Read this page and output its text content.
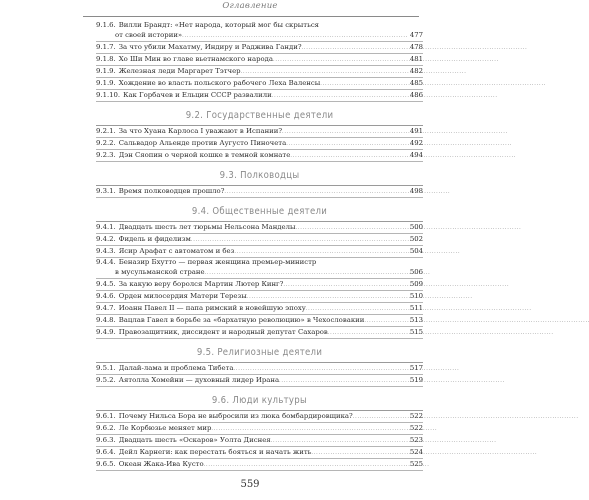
Оглавление
9.1.6. Вилли Брандт: «Нет народа, который мог бы скрыться
от своей истории» . . .	477
9.1.7. За что убили Махатму, Индиру и Раджива Ганди? . . .	478
9.1.8. Хо Ши Мин во главе вьетнамского народа . . .	481
9.1.9. Железная леди Маргарет Тэтчер . . .	482
9.1.9. Хождение во власть польского рабочего Леха Валенсы . . .	485
9.1.10. Как Горбачев и Ельцин СССР развалили . . .	486
9.2. Государственные деятели
9.2.1. За что Хуана Карлоса I уважают в Испании? . . .	491
9.2.2. Сальвадор Альенде против Аугусто Пиночета . . .	492
9.2.3. Дэн Сяопин о черной кошке в темной комнате . . .	494
9.3. Полководцы
9.3.1. Время полководцев прошло? . . .	498
9.4. Общественные деятели
9.4.1. Двадцать шесть лет тюрьмы Нельсона Манделы . . .	500
9.4.2. Фидель и фиделизм . . .	502
9.4.3. Ясир Арафат с автоматом и без . . .	504
9.4.4. Беназир Бхутто — первая женщина премьер-министр
в мусульманской стране . . .	506
9.4.5. За какую веру боролся Мартин Лютер Кинг? . . .	509
9.4.6. Орден милосердия Матери Терезы . . .	510
9.4.7. Иоанн Павел II — папа римский в новейшую эпоху . . .	511
9.4.8. Вацлав Гавел в борьбе за «бархатную революцию» в Чехословакии . . .	513
9.4.9. Правозащитник, диссидент и народный депутат Сахаров . . .	515
9.5. Религиозные деятели
9.5.1. Далай-лама и проблема Тибета . . .	517
9.5.2. Аятолла Хомейни — духовный лидер Ирана . . .	519
9.6. Люди культуры
9.6.1. Почему Нильса Бора не выбросили из люка бомбардировщика? . . .	522
9.6.2. Ле Корбюзье меняет мир . . .	522
9.6.3. Двадцать шесть «Оскаров» Уолта Диснея . . .	523
9.6.4. Дейл Карнеги: как перестать бояться и начать жить . . .	524
9.6.5. Океан Жака-Ива Кусто . . .	525
559
